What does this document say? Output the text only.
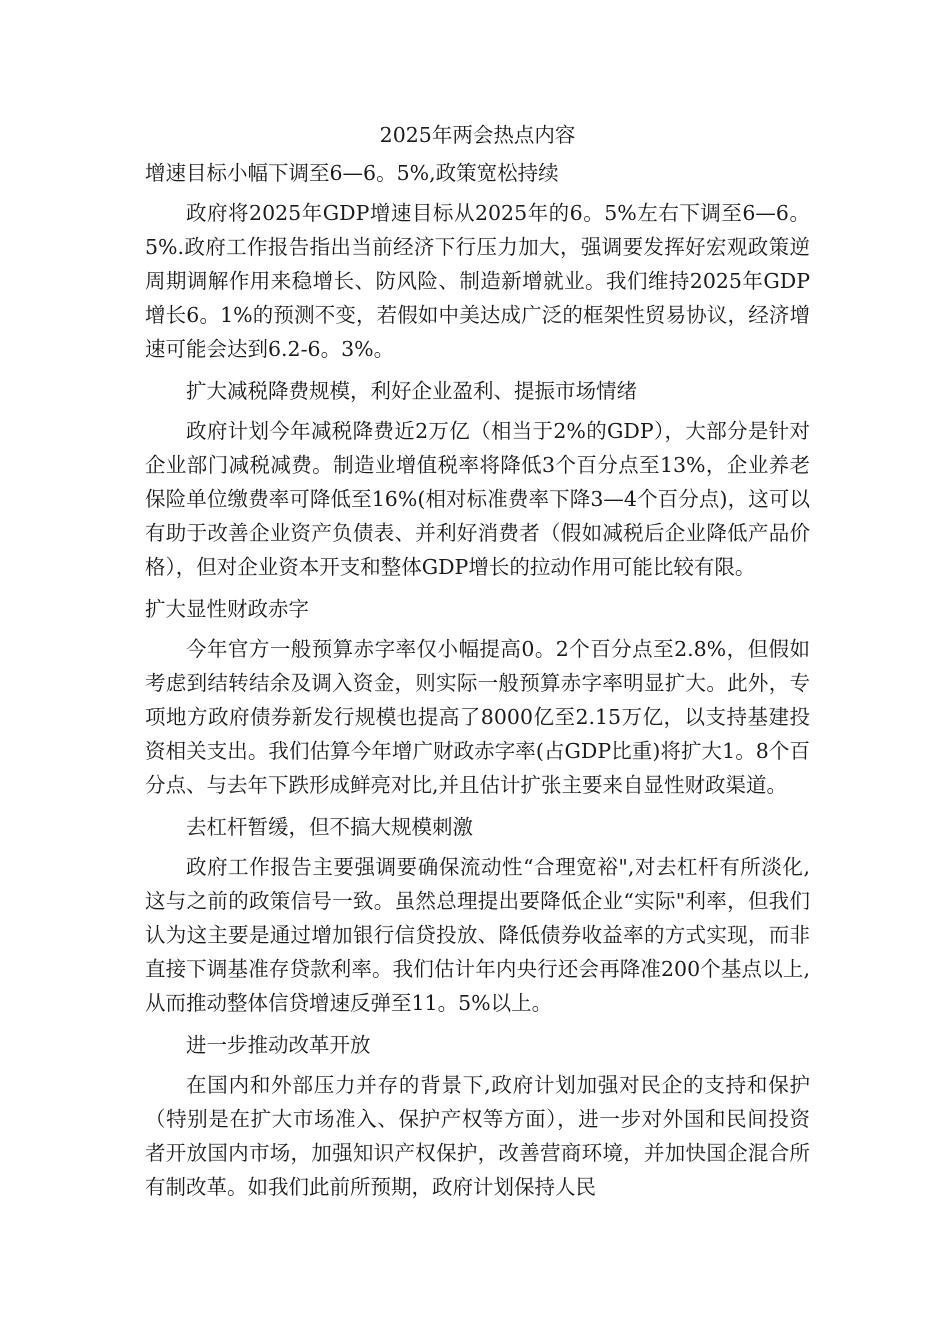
2025年两会热点内容

增速目标小幅下调至6—6。5%,政策宽松持续

政府将2025年GDP增速目标从2025年的6。5%左右下调至6—6。5%.政府工作报告指出当前经济下行压力加大，强调要发挥好宏观政策逆周期调解作用来稳增长、防风险、制造新增就业。我们维持2025年GDP增长6。1%的预测不变，若假如中美达成广泛的框架性贸易协议，经济增速可能会达到6.2-6。3%。

扩大减税降费规模，利好企业盈利、提振市场情绪

政府计划今年减税降费近2万亿（相当于2%的GDP），大部分是针对企业部门减税减费。制造业增值税率将降低3个百分点至13%，企业养老保险单位缴费率可降低至16%(相对标准费率下降3—4个百分点)，这可以有助于改善企业资产负债表、并利好消费者（假如减税后企业降低产品价格），但对企业资本开支和整体GDP增长的拉动作用可能比较有限。

扩大显性财政赤字

今年官方一般预算赤字率仅小幅提高0。2个百分点至2.8%，但假如考虑到结转结余及调入资金，则实际一般预算赤字率明显扩大。此外，专项地方政府债券新发行规模也提高了8000亿至2.15万亿，以支持基建投资相关支出。我们估算今年增广财政赤字率(占GDP比重)将扩大1。8个百分点、与去年下跌形成鲜亮对比,并且估计扩张主要来自显性财政渠道。

去杠杆暂缓，但不搞大规模刺激

政府工作报告主要强调要确保流动性“合理宽裕",对去杠杆有所淡化,这与之前的政策信号一致。虽然总理提出要降低企业“实际"利率，但我们认为这主要是通过增加银行信贷投放、降低债券收益率的方式实现，而非直接下调基准存贷款利率。我们估计年内央行还会再降准200个基点以上,从而推动整体信贷增速反弹至11。5%以上。

进一步推动改革开放

在国内和外部压力并存的背景下,政府计划加强对民企的支持和保护（特别是在扩大市场准入、保护产权等方面），进一步对外国和民间投资者开放国内市场，加强知识产权保护，改善营商环境，并加快国企混合所有制改革。如我们此前所预期，政府计划保持人民
